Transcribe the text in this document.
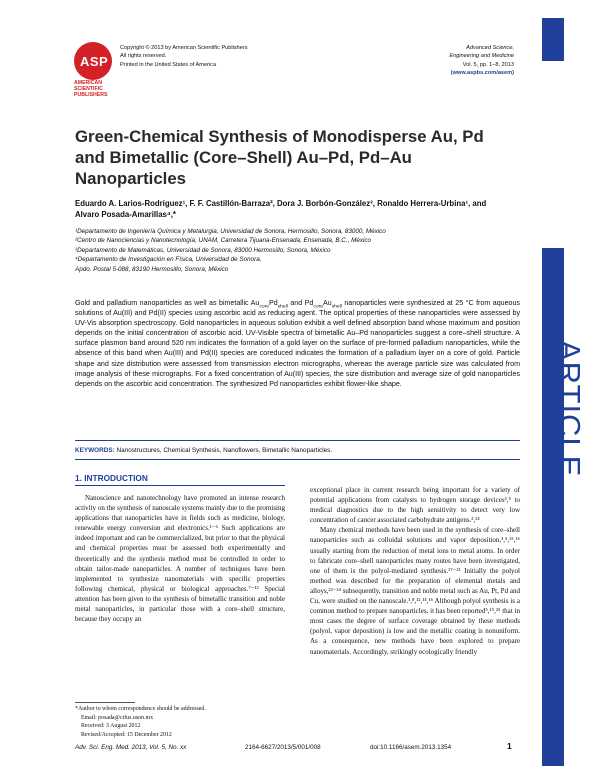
ASP
AMERICAN
SCIENTIFIC
PUBLISHERS
Copyright © 2013 by American Scientific Publishers
All rights reserved.
Printed in the United States of America
Advanced Science,
Engineering and Medicine
Vol. 5, pp. 1–8, 2013
(www.aspbs.com/asem)
ARTICLE
Green-Chemical Synthesis of Monodisperse Au, Pd and Bimetallic (Core–Shell) Au–Pd, Pd–Au Nanoparticles
Eduardo A. Larios-Rodríguez¹, F. F. Castillón-Barraza², Dora J. Borbón-González³, Ronaldo Herrera-Urbina¹, and Alvaro Posada-Amarillas⁴,*
¹Departamento de Ingeniería Química y Metalurgia, Universidad de Sonora, Hermosillo, Sonora, 83000, México
²Centro de Nanociencias y Nanotecnología, UNAM, Carretera Tijuana-Ensenada, Ensenada, B.C., México
³Departamento de Matemáticas, Universidad de Sonora, 83000 Hermosillo, Sonora, México
⁴Departamento de Investigación en Física, Universidad de Sonora,
Apdo. Postal 5-088, 83190 Hermosillo, Sonora, México
Gold and palladium nanoparticles as well as bimetallic $Au_{core}Pd_{shell}$ and $Pd_{core}Au_{shell}$ nanoparticles were synthesized at 25 °C from aqueous solutions of Au(III) and Pd(II) species using ascorbic acid as reducing agent. The optical properties of these nanoparticles were assessed by UV-Vis absorption spectroscopy. Gold nanoparticles in aqueous solution exhibit a well defined absorption band whose maximum and position depends on the initial concentration of ascorbic acid. UV-Visible spectra of bimetallic Au–Pd nanoparticles suggest a core–shell structure. A surface plasmon band around 520 nm indicates the formation of a gold layer on the surface of pre-formed palladium nanoparticles, while the absence of this band when Au(III) and Pd(II) species are coreduced indicates the formation of a palladium layer on a core of gold. Particle shape and size distribution were assessed from transmission electron micrographs, whereas the average particle size was calculated from image analysis of these micrographs. For a fixed concentration of Au(III) species, the size distribution and average size of gold nanoparticles depends on the ascorbic acid concentration. The synthesized Pd nanoparticles exhibit flower-like shape.
KEYWORDS: Nanostructures, Chemical Synthesis, Nanoflowers, Bimetallic Nanoparticles.
1. INTRODUCTION
Nanoscience and nanotechnology have promoted an intense research activity on the synthesis of nanoscale systems mainly due to the promising applications that nanoparticles have in fields such as medicine, biology, renewable energy conversion and electronics.¹⁻⁶ Such applications are indeed important and can be commercialized, but prior to that the physical and chemical properties must be assessed both experimentally and theoretically and the synthesis method must be controlled in order to obtain tailor-made nanoparticles. A number of techniques have been implemented to synthesize nanomaterials with specific properties following chemical, physical or biological approaches.⁷⁻¹³ Special attention has been given to the synthesis of bimetallic transition and noble metal nanoparticles, in particular those with a core–shell structure, because they occupy an
exceptional place in current research being important for a variety of potential applications from catalysts to hydrogen storage devices²,⁵ to medical diagnostics due to the high sensitivity to detect very low concentration of cancer associated carbohydrate antigens.³,¹⁴
Many chemical methods have been used in the synthesis of core–shell nanoparticles such as colloidal solutions and vapor deposition,³,⁵,¹⁵,¹⁶ usually starting from the reduction of metal ions to metal atoms. In order to fabricate core–shell nanoparticles many routes have been investigated, one of them is the polyol-mediated synthesis.¹⁷⁻²¹ Initially the polyol method was described for the preparation of elemental metals and alloys,²²⁻²⁴ subsequently, transition and noble metal such as Au, Pt, Pd and Cu, were studied on the nanoscale.¹,⁸,¹²,¹⁴,¹⁶ Although polyol synthesis is a common method to prepare nanoparticles, it has been reported⁵,¹⁵,²⁵ that in most cases the degree of surface coverage obtained by these methods (polyol, vapor deposition) is low and the metallic coating is nonuniform. As a consequence, new methods have been explored to prepare nanomaterials. Accordingly, strikingly ecologically friendly
*Author to whom correspondence should be addressed.
Email: posada@cifus.uson.mx
Received: 3 August 2012
Revised/Accepted: 15 December 2012
Adv. Sci. Eng. Med. 2013, Vol. 5, No. xx	2164-6627/2013/5/001/008	doi:10.1166/asem.2013.1354	1
